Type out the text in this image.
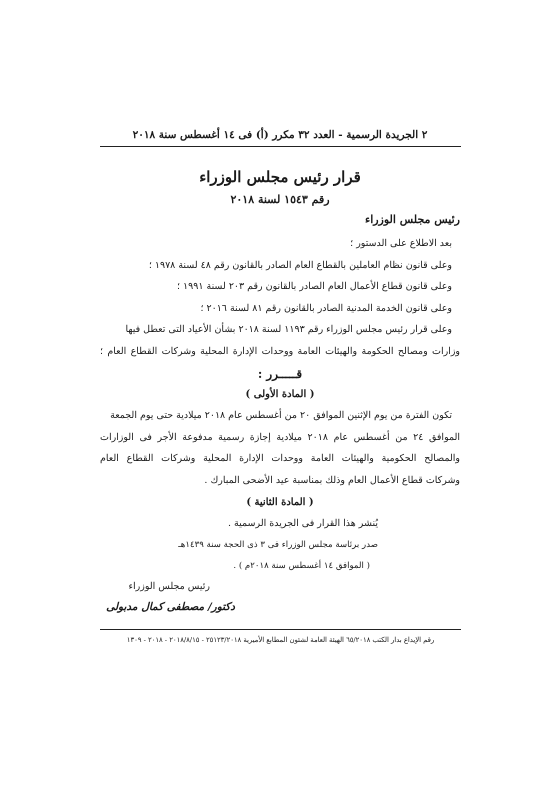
٢ الجريدة الرسمية - العدد ٣٢ مكرر (أ) فى ١٤ أغسطس سنة ٢٠١٨
قرار رئيس مجلس الوزراء
رقم ١٥٤٣ لسنة ٢٠١٨
رئيس مجلس الوزراء
بعد الاطلاع على الدستور ؛
وعلى قانون نظام العاملين بالقطاع العام الصادر بالقانون رقم ٤٨ لسنة ١٩٧٨ ؛
وعلى قانون قطاع الأعمال العام الصادر بالقانون رقم ٢٠٣ لسنة ١٩٩١ ؛
وعلى قانون الخدمة المدنية الصادر بالقانون رقم ٨١ لسنة ٢٠١٦ ؛
وعلى قرار رئيس مجلس الوزراء رقم ١١٩٣ لسنة ٢٠١٨ بشأن الأعياد التى تعطل فيها
وزارات ومصالح الحكومة والهيئات العامة ووحدات الإدارة المحلية وشركات القطاع العام ؛
قـــــرر :
( المادة الأولى )
تكون الفترة من يوم الإثنين الموافق ٢٠ من أغسطس عام ٢٠١٨ ميلادية حتى يوم الجمعة
الموافق ٢٤ من أغسطس عام ٢٠١٨ ميلادية إجازة رسمية مدفوعة الأجر فى الوزارات
والمصالح الحكومية والهيئات العامة ووحدات الإدارة المحلية وشركات القطاع العام
وشركات قطاع الأعمال العام وذلك بمناسبة عيد الأضحى المبارك .
( المادة الثانية )
يُنشر هذا القرار فى الجريدة الرسمية .
صدر برئاسة مجلس الوزراء فى ٣ ذى الحجة سنة ١٤٣٩هـ
( الموافق ١٤ أغسطس سنة ٢٠١٨م ) .
رئيس مجلس الوزراء
دكتور/ مصطفى كمال مدبولى
رقم الإيداع بدار الكتب ٦٥/٢٠١٨ الهيئة العامة لشئون المطابع الأميرية ٢٥١٢٣/٢٠١٨ - ٢٠١٨/٨/١٥ - ٢٠١٨ - ١٣٠٩
